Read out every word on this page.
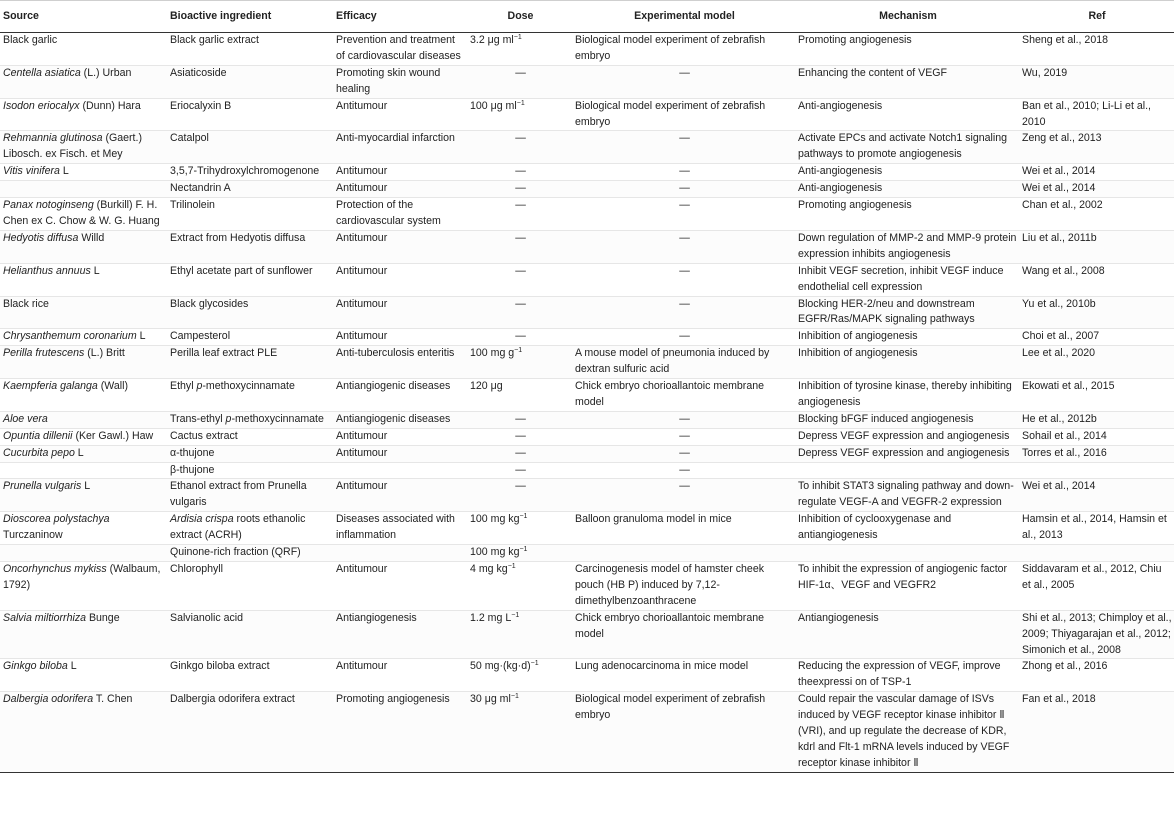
Source	Bioactive ingredient	Efficacy	Dose	Experimental model	Mechanism	Ref
Black garlic	Black garlic extract	Prevention and treatment of cardiovascular diseases	3.2 μg $ml^{-1}$	Biological model experiment of zebrafish embryo	Promoting angiogenesis	Sheng et al., 2018
Centella asiatica (L.) Urban	Asiaticoside	Promoting skin wound healing	—	—	Enhancing the content of VEGF	Wu, 2019
Isodon eriocalyx (Dunn) Hara	Eriocalyxin B	Antitumour	100 μg $ml^{-1}$	Biological model experiment of zebrafish embryo	Anti-angiogenesis	Ban et al., 2010; Li-Li et al., 2010
Rehmannia glutinosa (Gaert.) Libosch. ex Fisch. et Mey	Catalpol	Anti-myocardial infarction	—	—	Activate EPCs and activate Notch1 signaling pathways to promote angiogenesis	Zeng et al., 2013
Vitis vinifera L	3,5,7-Trihydroxylchromogenone	Antitumour	—	—	Anti-angiogenesis	Wei et al., 2014
	Nectandrin A	Antitumour	—	—	Anti-angiogenesis	Wei et al., 2014
Panax notoginseng (Burkill) F. H. Chen ex C. Chow & W. G. Huang	Trilinolein	Protection of the cardiovascular system	—	—	Promoting angiogenesis	Chan et al., 2002
Hedyotis diffusa Willd	Extract from Hedyotis diffusa	Antitumour	—	—	Down regulation of MMP-2 and MMP-9 protein expression inhibits angiogenesis	Liu et al., 2011b
Helianthus annuus L	Ethyl acetate part of sunflower	Antitumour	—	—	Inhibit VEGF secretion, inhibit VEGF induce endothelial cell expression	Wang et al., 2008
Black rice	Black glycosides	Antitumour	—	—	Blocking HER-2/neu and downstream EGFR/Ras/MAPK signaling pathways	Yu et al., 2010b
Chrysanthemum coronarium L	Campesterol	Antitumour	—	—	Inhibition of angiogenesis	Choi et al., 2007
Perilla frutescens (L.) Britt	Perilla leaf extract PLE	Anti-tuberculosis enteritis	100 mg $g^{-1}$	A mouse model of pneumonia induced by dextran sulfuric acid	Inhibition of angiogenesis	Lee et al., 2020
Kaempferia galanga (Wall)	Ethyl p-methoxycinnamate	Antiangiogenic diseases	120 μg	Chick embryo chorioallantoic membrane model	Inhibition of tyrosine kinase, thereby inhibiting angiogenesis	Ekowati et al., 2015
Aloe vera	Trans-ethyl p-methoxycinnamate	Antiangiogenic diseases	—	—	Blocking bFGF induced angiogenesis	He et al., 2012b
Opuntia dillenii (Ker Gawl.) Haw	Cactus extract	Antitumour	—	—	Depress VEGF expression and angiogenesis	Sohail et al., 2014
Cucurbita pepo L	α-thujone	Antitumour	—	—	Depress VEGF expression and angiogenesis	Torres et al., 2016
	β-thujone		—	—		
Prunella vulgaris L	Ethanol extract from Prunella vulgaris	Antitumour	—	—	To inhibit STAT3 signaling pathway and down-regulate VEGF-A and VEGFR-2 expression	Wei et al., 2014
Dioscorea polystachya Turczaninow	Ardisia crispa roots ethanolic extract (ACRH)	Diseases associated with inflammation	100 mg $kg^{-1}$	Balloon granuloma model in mice	Inhibition of cyclooxygenase and antiangiogenesis	Hamsin et al., 2014, Hamsin et al., 2013
	Quinone-rich fraction (QRF)		100 mg $kg^{-1}$			
Oncorhynchus mykiss (Walbaum, 1792)	Chlorophyll	Antitumour	4 mg $kg^{-1}$	Carcinogenesis model of hamster cheek pouch (HB P) induced by 7,12-dimethylbenzoanthracene	To inhibit the expression of angiogenic factor HIF-1α、VEGF and VEGFR2	Siddavaram et al., 2012, Chiu et al., 2005
Salvia miltiorrhiza Bunge	Salvianolic acid	Antiangiogenesis	1.2 mg $L^{-1}$	Chick embryo chorioallantoic membrane model	Antiangiogenesis	Shi et al., 2013; Chimploy et al., 2009; Thiyagarajan et al., 2012; Simonich et al., 2008
Ginkgo biloba L	Ginkgo biloba extract	Antitumour	50 $mg\cdot(kg\cdot d)^{-1}$	Lung adenocarcinoma in mice model	Reducing the expression of VEGF, improve theexpressi on of TSP-1	Zhong et al., 2016
Dalbergia odorifera T. Chen	Dalbergia odorifera extract	Promoting angiogenesis	30 μg $ml^{-1}$	Biological model experiment of zebrafish embryo	Could repair the vascular damage of ISVs induced by VEGF receptor kinase inhibitor Ⅱ (VRI), and up regulate the decrease of KDR, kdrl and Flt-1 mRNA levels induced by VEGF receptor kinase inhibitor Ⅱ	Fan et al., 2018
